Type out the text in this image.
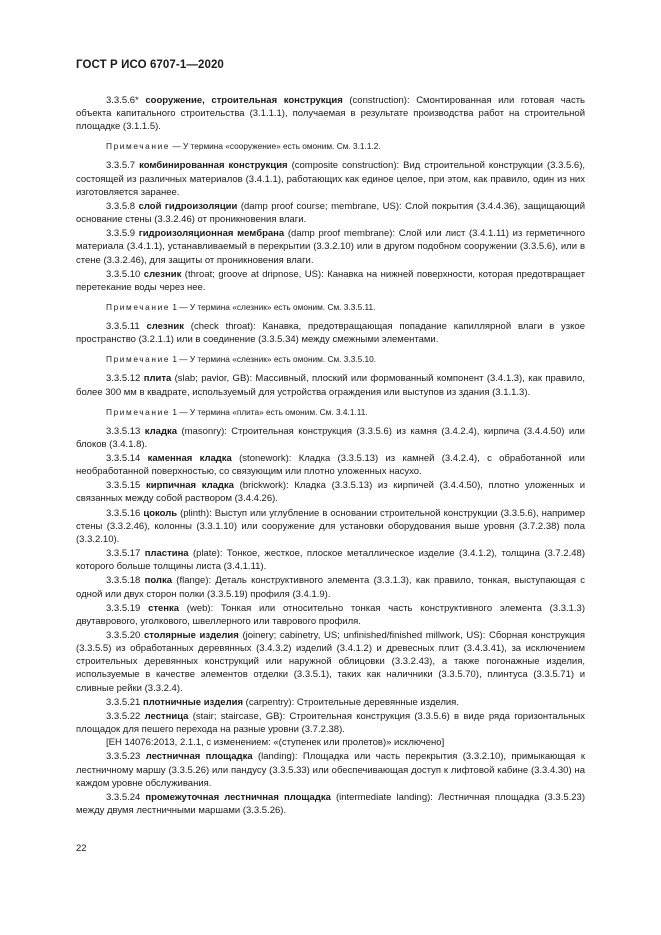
ГОСТ Р ИСО 6707-1—2020

3.3.5.6* сооружение, строительная конструкция (construction): Смонтированная или готовая часть объекта капитального строительства (3.1.1.1), получаемая в результате производства работ на строительной площадке (3.1.1.5).

Примечание — У термина «сооружение» есть омоним. См. 3.1.1.2.

3.3.5.7 комбинированная конструкция (composite construction): Вид строительной конструкции (3.3.5.6), состоящей из различных материалов (3.4.1.1), работающих как единое целое, при этом, как правило, один из них изготовляется заранее.

3.3.5.8 слой гидроизоляции (damp proof course; membrane, US): Слой покрытия (3.4.4.36), защищающий основание стены (3.3.2.46) от проникновения влаги.

3.3.5.9 гидроизоляционная мембрана (damp proof membrane): Слой или лист (3.4.1.11) из герметичного материала (3.4.1.1), устанавливаемый в перекрытии (3.3.2.10) или в другом подобном сооружении (3.3.5.6), или в стене (3.3.2.46), для защиты от проникновения влаги.

3.3.5.10 слезник (throat; groove at dripnose, US): Канавка на нижней поверхности, которая предотвращает перетекание воды через нее.

Примечание 1 — У термина «слезник» есть омоним. См. 3.3.5.11.

3.3.5.11 слезник (check throat): Канавка, предотвращающая попадание капиллярной влаги в узкое пространство (3.2.1.1) или в соединение (3.3.5.34) между смежными элементами.

Примечание 1 — У термина «слезник» есть омоним. См. 3.3.5.10.

3.3.5.12 плита (slab; pavior, GB): Массивный, плоский или формованный компонент (3.4.1.3), как правило, более 300 мм в квадрате, используемый для устройства ограждения или выступов из здания (3.1.1.3).

Примечание 1 — У термина «плита» есть омоним. См. 3.4.1.11.

3.3.5.13 кладка (masonry): Строительная конструкция (3.3.5.6) из камня (3.4.2.4), кирпича (3.4.4.50) или блоков (3.4.1.8).

3.3.5.14 каменная кладка (stonework): Кладка (3.3.5.13) из камней (3.4.2.4), с обработанной или необработанной поверхностью, со связующим или плотно уложенных насухо.

3.3.5.15 кирпичная кладка (brickwork): Кладка (3.3.5.13) из кирпичей (3.4.4.50), плотно уложенных и связанных между собой раствором (3.4.4.26).

3.3.5.16 цоколь (plinth): Выступ или углубление в основании строительной конструкции (3.3.5.6), например стены (3.3.2.46), колонны (3.3.1.10) или сооружение для установки оборудования выше уровня (3.7.2.38) пола (3.3.2.10).

3.3.5.17 пластина (plate): Тонкое, жесткое, плоское металлическое изделие (3.4.1.2), толщина (3.7.2.48) которого больше толщины листа (3.4.1.11).

3.3.5.18 полка (flange): Деталь конструктивного элемента (3.3.1.3), как правило, тонкая, выступающая с одной или двух сторон полки (3.3.5.19) профиля (3.4.1.9).

3.3.5.19 стенка (web): Тонкая или относительно тонкая часть конструктивного элемента (3.3.1.3) двутаврового, уголкового, швеллерного или таврового профиля.

3.3.5.20 столярные изделия (joinery; cabinetry, US; unfinished/finished millwork, US): Сборная конструкция (3.3.5.5) из обработанных деревянных (3.4.3.2) изделий (3.4.1.2) и древесных плит (3.4.3.41), за исключением строительных деревянных конструкций или наружной облицовки (3.3.2.43), а также погонажные изделия, используемые в качестве элементов отделки (3.3.5.1), таких как наличники (3.3.5.70), плинтуса (3.3.5.71) и сливные рейки (3.3.2.4).

3.3.5.21 плотничные изделия (carpentry): Строительные деревянные изделия.

3.3.5.22 лестница (stair; staircase, GB): Строительная конструкция (3.3.5.6) в виде ряда горизонтальных площадок для пешего перехода на разные уровни (3.7.2.38).

[ЕН 14076:2013, 2.1.1, с изменением: «(ступенек или пролетов)» исключено]

3.3.5.23 лестничная площадка (landing): Площадка или часть перекрытия (3.3.2.10), примыкающая к лестничному маршу (3.3.5.26) или пандусу (3.3.5.33) или обеспечивающая доступ к лифтовой кабине (3.3.4.30) на каждом уровне обслуживания.

3.3.5.24 промежуточная лестничная площадка (intermediate landing): Лестничная площадка (3.3.5.23) между двумя лестничными маршами (3.3.5.26).

22
